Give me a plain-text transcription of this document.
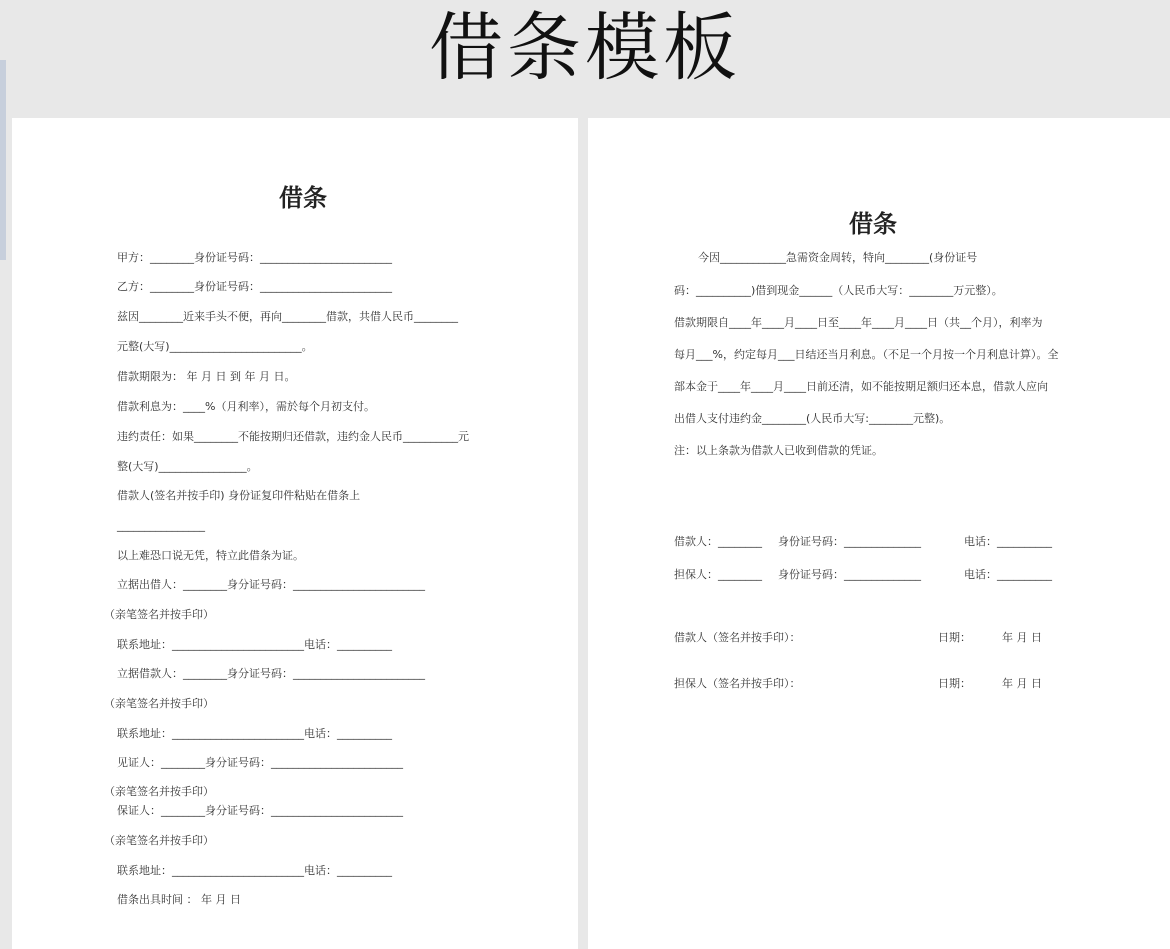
借条模板
借条
甲方：________身份证号码：________________________
乙方：________身份证号码：________________________
兹因________近来手头不便，再向________借款，共借人民币________
元整(大写)________________________。
借款期限为： 年 月 日 到 年 月 日。
借款利息为：____%（月利率），需於每个月初支付。
违约责任：如果________不能按期归还借款，违约金人民币__________元
整(大写)________________。
借款人(签名并按手印) 身份证复印件粘贴在借条上
________________
以上难恐口说无凭，特立此借条为证。
立据出借人：________身分证号码：________________________
（亲笔签名并按手印）
联系地址：________________________电话：__________
立据借款人：________身分证号码：________________________
（亲笔签名并按手印）
联系地址：________________________电话：__________
见证人：________身分证号码：________________________
（亲笔签名并按手印）
保证人：________身分证号码：________________________
（亲笔签名并按手印）
联系地址：________________________电话：__________
借条出具时间 ： 年 月 日
借条
今因____________急需资金周转，特向________(身份证号
码：__________)借到现金______（人民币大写：________万元整）。
借款期限自____年____月____日至____年____月____日（共__个月），利率为
每月___%，约定每月___日结还当月利息。（不足一个月按一个月利息计算）。全
部本金于____年____月____日前还清，如不能按期足额归还本息，借款人应向
出借人支付违约金________(人民币大写:________元整)。
注：以上条款为借款人已收到借款的凭证。
借款人：________ 身份证号码：______________	电话：__________
担保人：________ 身份证号码：______________	电话：__________
借款人（签名并按手印）：	日期：	年 月 日
担保人（签名并按手印）：	日期：	年 月 日
